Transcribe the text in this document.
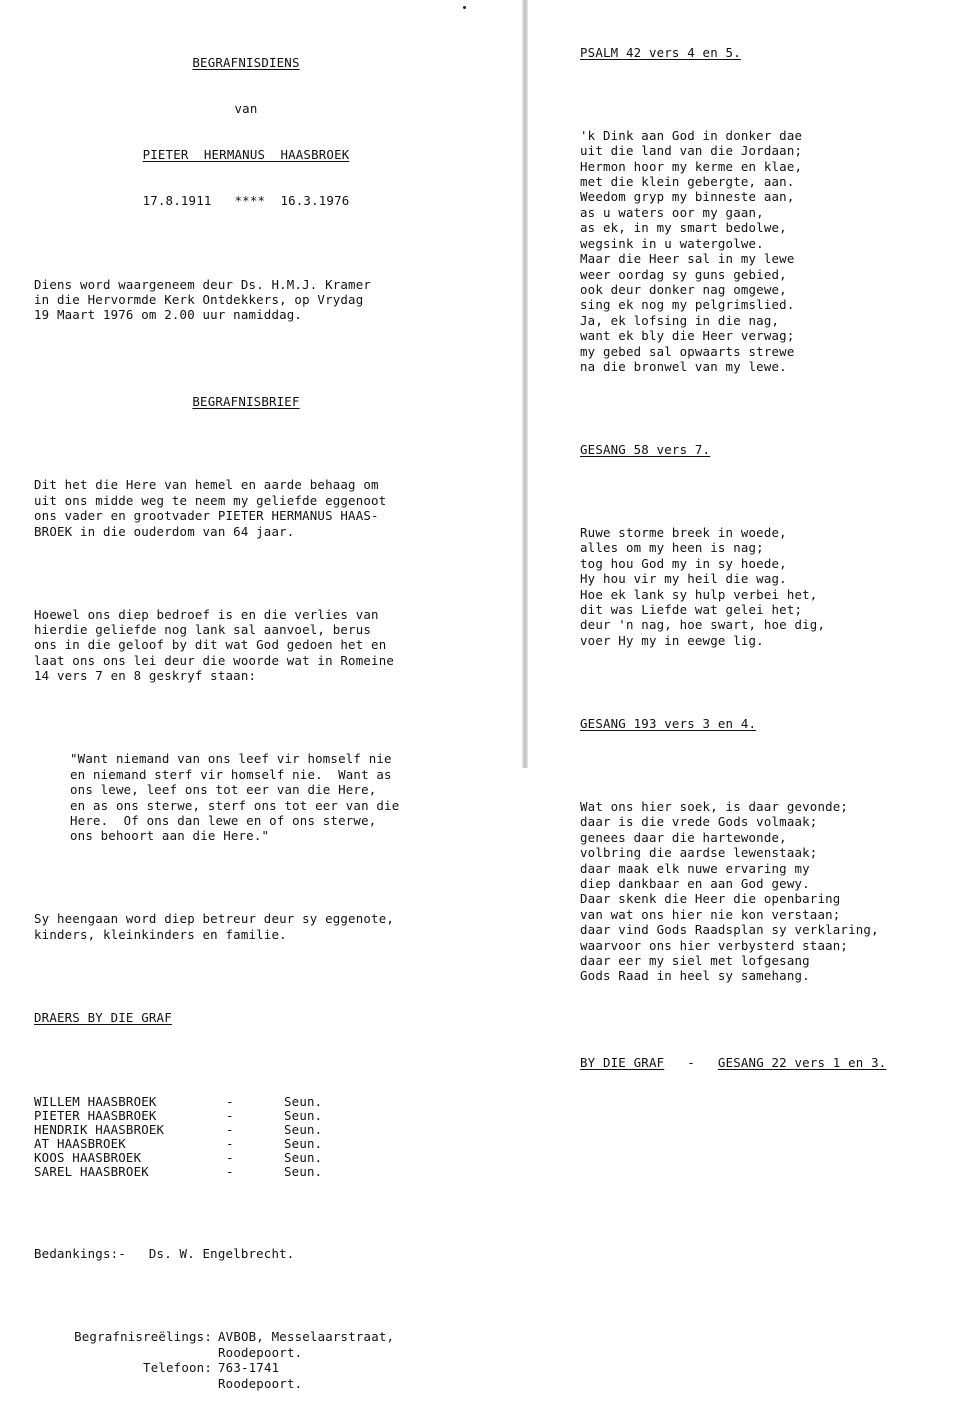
BEGRAFNISDIENS

van

PIETER  HERMANUS  HAASBROEK

17.8.1911   ****  16.3.1976

Diens word waargeneem deur Ds. H.M.J. Kramer
in die Hervormde Kerk Ontdekkers, op Vrydag
19 Maart 1976 om 2.00 uur namiddag.

BEGRAFNISBRIEF

Dit het die Here van hemel en aarde behaag om
uit ons midde weg te neem my geliefde eggenoot
ons vader en grootvader PIETER HERMANUS HAAS-
BROEK in die ouderdom van 64 jaar.

Hoewel ons diep bedroef is en die verlies van
hierdie geliefde nog lank sal aanvoel, berus
ons in die geloof by dit wat God gedoen het en
laat ons ons lei deur die woorde wat in Romeine
14 vers 7 en 8 geskryf staan:

"Want niemand van ons leef vir homself nie
en niemand sterf vir homself nie.  Want as
ons lewe, leef ons tot eer van die Here,
en as ons sterwe, sterf ons tot eer van die
Here.  Of ons dan lewe en of ons sterwe,
ons behoort aan die Here."

Sy heengaan word diep betreur deur sy eggenote,
kinders, kleinkinders en familie.

DRAERS BY DIE GRAF

WILLEM HAASBROEK	-	Seun.
PIETER HAASBROEK	-	Seun.
HENDRIK HAASBROEK	-	Seun.
AT HAASBROEK	-	Seun.
KOOS HAASBROEK	-	Seun.
SAREL HAASBROEK	-	Seun.

Bedankings:-   Ds. W. Engelbrecht.

Begrafnisreëlings: AVBOB, Messelaarstraat,
Roodepoort.
Telefoon: 763-1741
Roodepoort.

PSALM 42 vers 4 en 5.

'k Dink aan God in donker dae
uit die land van die Jordaan;
Hermon hoor my kerme en klae,
met die klein gebergte, aan.
Weedom gryp my binneste aan,
as u waters oor my gaan,
as ek, in my smart bedolwe,
wegsink in u watergolwe.
Maar die Heer sal in my lewe
weer oordag sy guns gebied,
ook deur donker nag omgewe,
sing ek nog my pelgrimslied.
Ja, ek lofsing in die nag,
want ek bly die Heer verwag;
my gebed sal opwaarts strewe
na die bronwel van my lewe.

GESANG 58 vers 7.

Ruwe storme breek in woede,
alles om my heen is nag;
tog hou God my in sy hoede,
Hy hou vir my heil die wag.
Hoe ek lank sy hulp verbei het,
dit was Liefde wat gelei het;
deur 'n nag, hoe swart, hoe dig,
voer Hy my in eewge lig.

GESANG 193 vers 3 en 4.

Wat ons hier soek, is daar gevonde;
daar is die vrede Gods volmaak;
genees daar die hartewonde,
volbring die aardse lewenstaak;
daar maak elk nuwe ervaring my
diep dankbaar en aan God gewy.
Daar skenk die Heer die openbaring
van wat ons hier nie kon verstaan;
daar vind Gods Raadsplan sy verklaring,
waarvoor ons hier verbysterd staan;
daar eer my siel met lofgesang
Gods Raad in heel sy samehang.

BY DIE GRAF - GESANG 22 vers 1 en 3.
